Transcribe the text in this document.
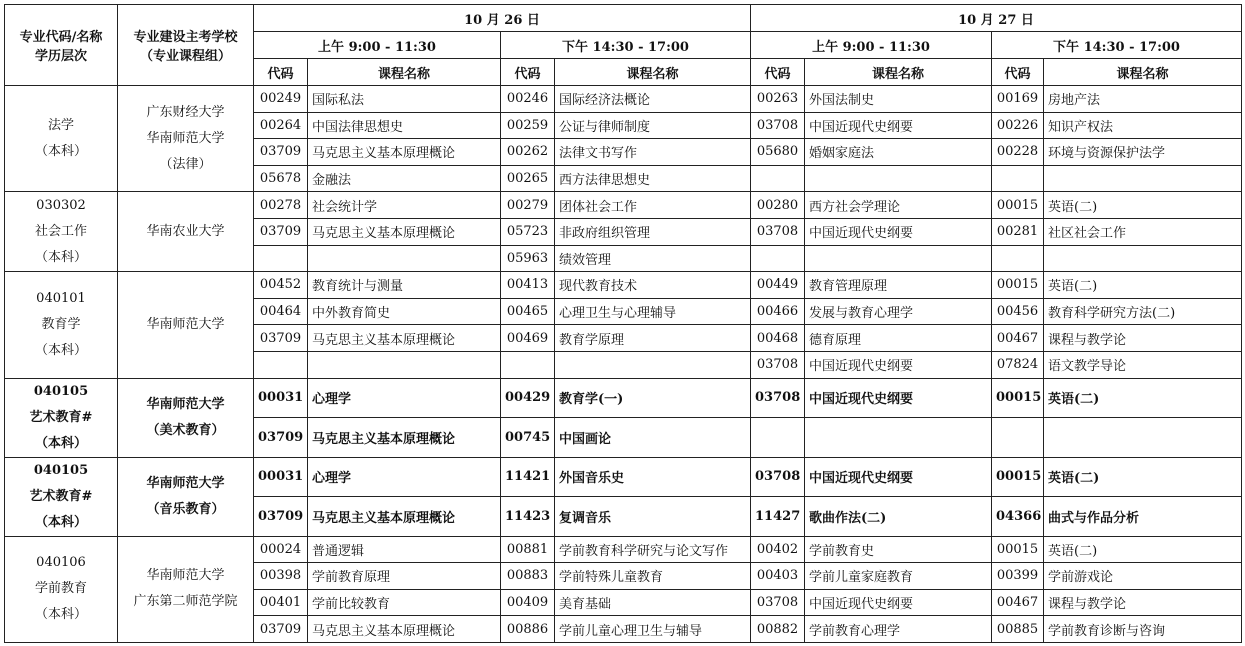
专业代码/名称
学历层次	专业建设主考学校
（专业课程组）	10 月 26 日				10 月 27 日			
		上午 9:00 - 11:30		下午 14:30 - 17:00		上午 9:00 - 11:30		下午 14:30 - 17:00	
		代码	课程名称	代码	课程名称	代码	课程名称	代码	课程名称

法学
（本科）	广东财经大学
华南师范大学
（法律）	00249	国际私法	00246	国际经济法概论	00263	外国法制史	00169	房地产法
		00264	中国法律思想史	00259	公证与律师制度	03708	中国近现代史纲要	00226	知识产权法
		03709	马克思主义基本原理概论	00262	法律文书写作	05680	婚姻家庭法	00228	环境与资源保护法学
		05678	金融法	00265	西方法律思想史				

030302
社会工作
（本科）	华南农业大学	00278	社会统计学	00279	团体社会工作	00280	西方社会学理论	00015	英语(二)
		03709	马克思主义基本原理概论	05723	非政府组织管理	03708	中国近现代史纲要	00281	社区社会工作
				05963	绩效管理				

040101
教育学
（本科）	华南师范大学	00452	教育统计与测量	00413	现代教育技术	00449	教育管理原理	00015	英语(二)
		00464	中外教育简史	00465	心理卫生与心理辅导	00466	发展与教育心理学	00456	教育科学研究方法(二)
		03709	马克思主义基本原理概论	00469	教育学原理	00468	德育原理	00467	课程与教学论
						03708	中国近现代史纲要	07824	语文教学导论

040105
艺术教育#
（本科）	华南师范大学
（美术教育）	00031	心理学	00429	教育学(一)	03708	中国近现代史纲要	00015	英语(二)
		03709	马克思主义基本原理概论	00745	中国画论				

040105
艺术教育#
（本科）	华南师范大学
（音乐教育）	00031	心理学	11421	外国音乐史	03708	中国近现代史纲要	00015	英语(二)
		03709	马克思主义基本原理概论	11423	复调音乐	11427	歌曲作法(二)	04366	曲式与作品分析

040106
学前教育
（本科）	华南师范大学
广东第二师范学院	00024	普通逻辑	00881	学前教育科学研究与论文写作	00402	学前教育史	00015	英语(二)
		00398	学前教育原理	00883	学前特殊儿童教育	00403	学前儿童家庭教育	00399	学前游戏论
		00401	学前比较教育	00409	美育基础	03708	中国近现代史纲要	00467	课程与教学论
		03709	马克思主义基本原理概论	00886	学前儿童心理卫生与辅导	00882	学前教育心理学	00885	学前教育诊断与咨询
